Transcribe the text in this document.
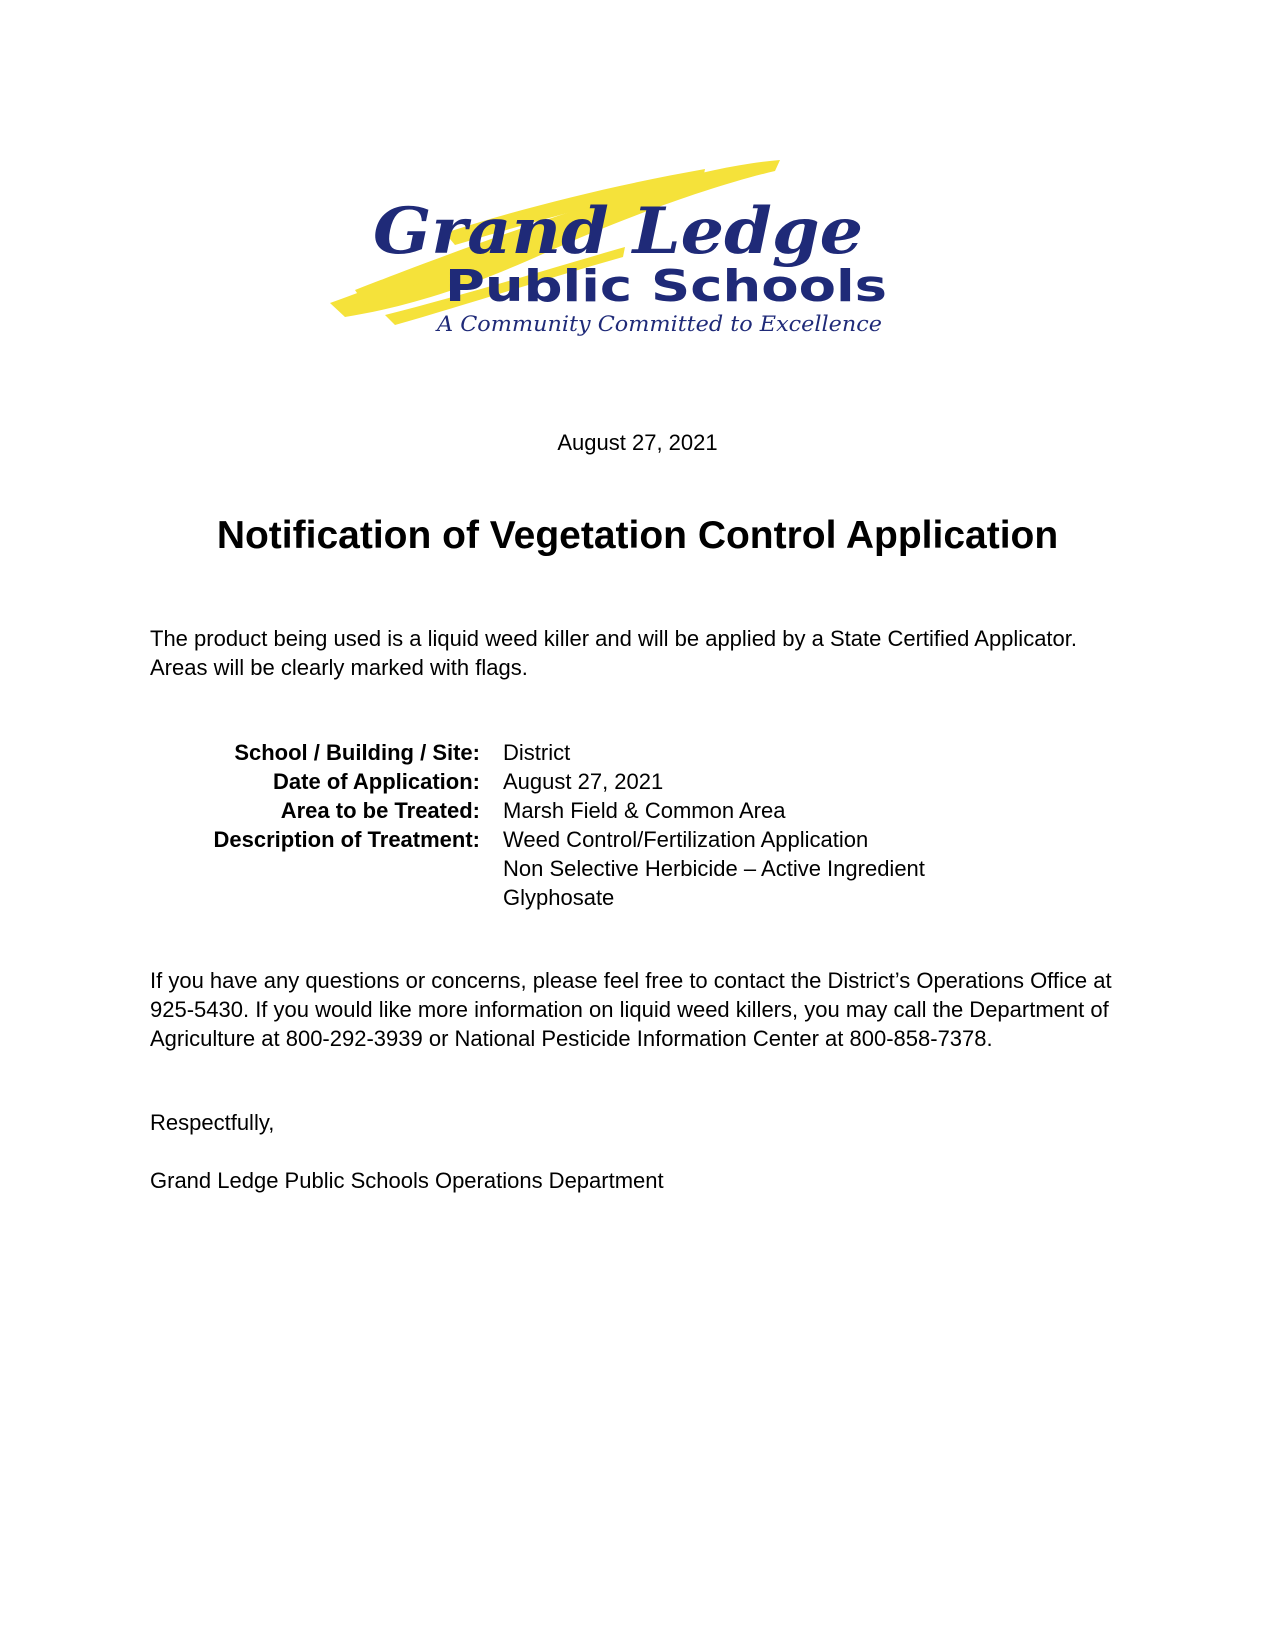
Grand Ledge
Public Schools
A Community Committed to Excellence
August 27, 2021
Notification of Vegetation Control Application

The product being used is a liquid weed killer and will be applied by a State Certified Applicator. Areas will be clearly marked with flags.

School / Building / Site:	District
Date of Application:	August 27, 2021
Area to be Treated:	Marsh Field & Common Area
Description of Treatment:	Weed Control/Fertilization Application
Non Selective Herbicide – Active Ingredient
Glyphosate

If you have any questions or concerns, please feel free to contact the District’s Operations Office at 925-5430. If you would like more information on liquid weed killers, you may call the Department of Agriculture at 800-292-3939 or National Pesticide Information Center at 800-858-7378.

Respectfully,

Grand Ledge Public Schools Operations Department
